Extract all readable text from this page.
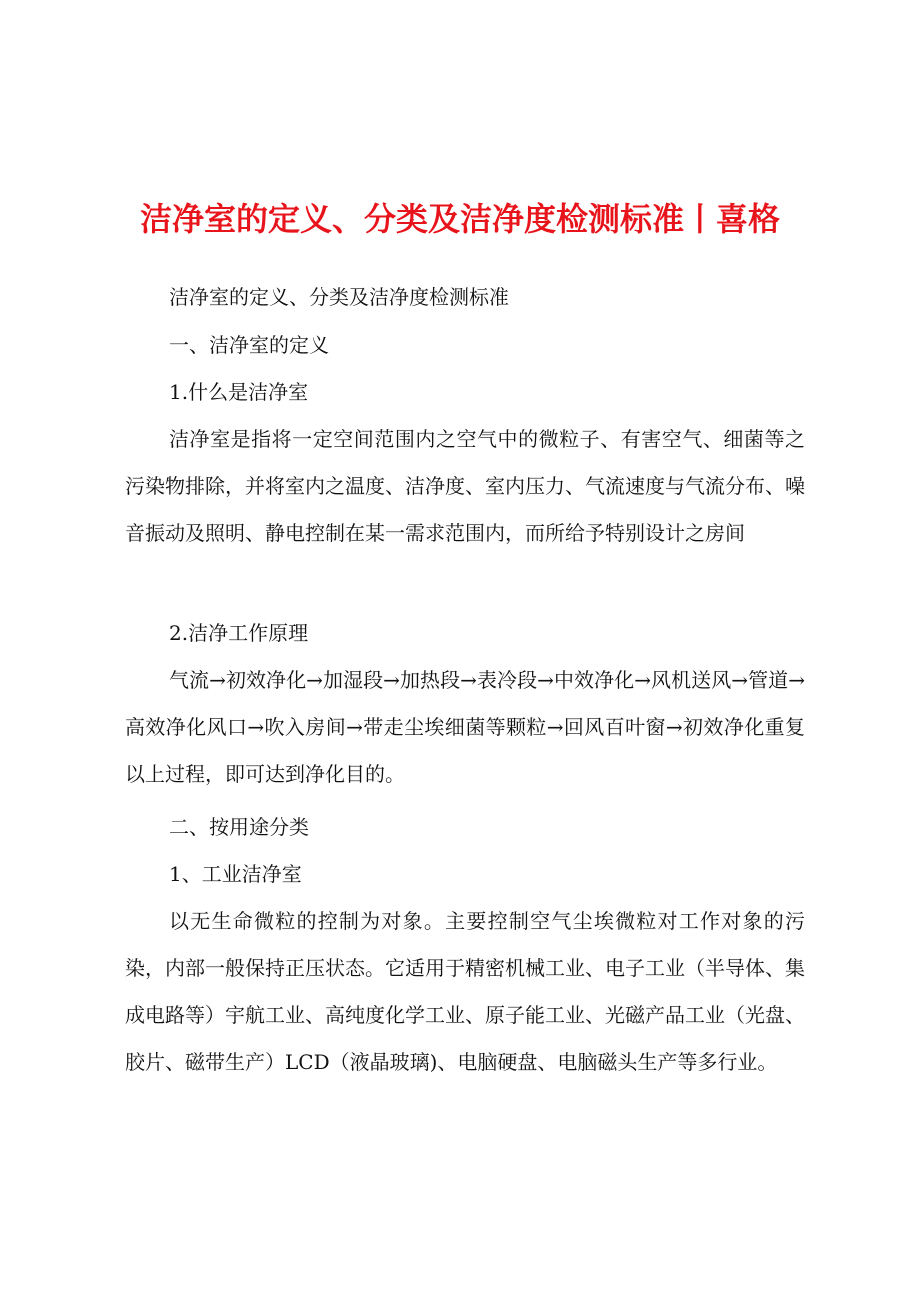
洁净室的定义、分类及洁净度检测标准丨喜格

洁净室的定义、分类及洁净度检测标准

一、洁净室的定义

1.什么是洁净室

洁净室是指将一定空间范围内之空气中的微粒子、有害空气、细菌等之污染物排除，并将室内之温度、洁净度、室内压力、气流速度与气流分布、噪音振动及照明、静电控制在某一需求范围内，而所给予特别设计之房间

2.洁净工作原理

气流→初效净化→加湿段→加热段→表冷段→中效净化→风机送风→管道→高效净化风口→吹入房间→带走尘埃细菌等颗粒→回风百叶窗→初效净化重复以上过程，即可达到净化目的。

二、按用途分类

1、工业洁净室

以无生命微粒的控制为对象。主要控制空气尘埃微粒对工作对象的污染，内部一般保持正压状态。它适用于精密机械工业、电子工业（半导体、集成电路等）宇航工业、高纯度化学工业、原子能工业、光磁产品工业（光盘、胶片、磁带生产）LCD（液晶玻璃)、电脑硬盘、电脑磁头生产等多行业。
